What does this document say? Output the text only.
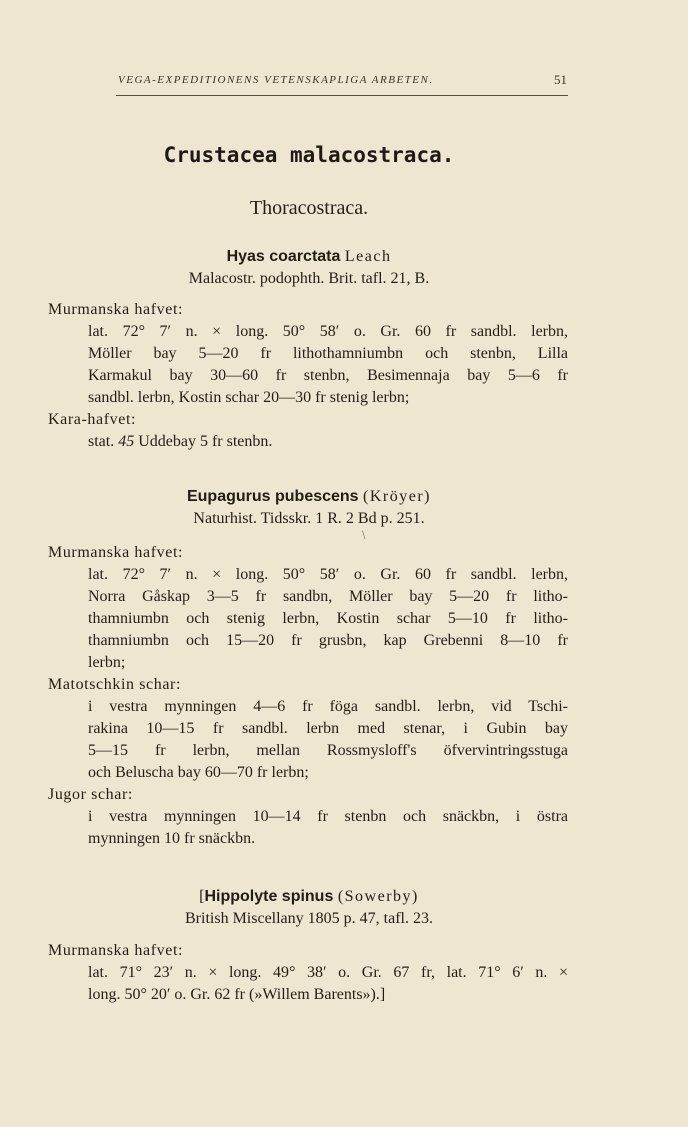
VEGA-EXPEDITIONENS VETENSKAPLIGA ARBETEN.	51
Crustacea malacostraca.
Thoracostraca.
Hyas coarctata Leach
Malacostr. podophth. Brit. tafl. 21, B.
Murmanska hafvet:
lat. 72° 7′ n. × long. 50° 58′ o. Gr. 60 fr sandbl. lerbn,
Möller bay 5—20 fr lithothamniumbn och stenbn, Lilla
Karmakul bay 30—60 fr stenbn, Besimennaja bay 5—6 fr
sandbl. lerbn, Kostin schar 20—30 fr stenig lerbn;
Kara-hafvet:
stat. 45 Uddebay 5 fr stenbn.
Eupagurus pubescens (Kröyer)
Naturhist. Tidsskr. 1 R. 2 Bd p. 251.
\
Murmanska hafvet:
lat. 72° 7′ n. × long. 50° 58′ o. Gr. 60 fr sandbl. lerbn,
Norra Gåskap 3—5 fr sandbn, Möller bay 5—20 fr litho-
thamniumbn och stenig lerbn, Kostin schar 5—10 fr litho-
thamniumbn och 15—20 fr grusbn, kap Grebenni 8—10 fr
lerbn;
Matotschkin schar:
i vestra mynningen 4—6 fr föga sandbl. lerbn, vid Tschi-
rakina 10—15 fr sandbl. lerbn med stenar, i Gubin bay
5—15 fr lerbn, mellan Rossmysloff's öfvervintringsstuga
och Beluscha bay 60—70 fr lerbn;
Jugor schar:
i vestra mynningen 10—14 fr stenbn och snäckbn, i östra
mynningen 10 fr snäckbn.
[Hippolyte spinus (Sowerby)
British Miscellany 1805 p. 47, tafl. 23.
Murmanska hafvet:
lat. 71° 23′ n. × long. 49° 38′ o. Gr. 67 fr, lat. 71° 6′ n. ×
long. 50° 20′ o. Gr. 62 fr (»Willem Barents»).]
